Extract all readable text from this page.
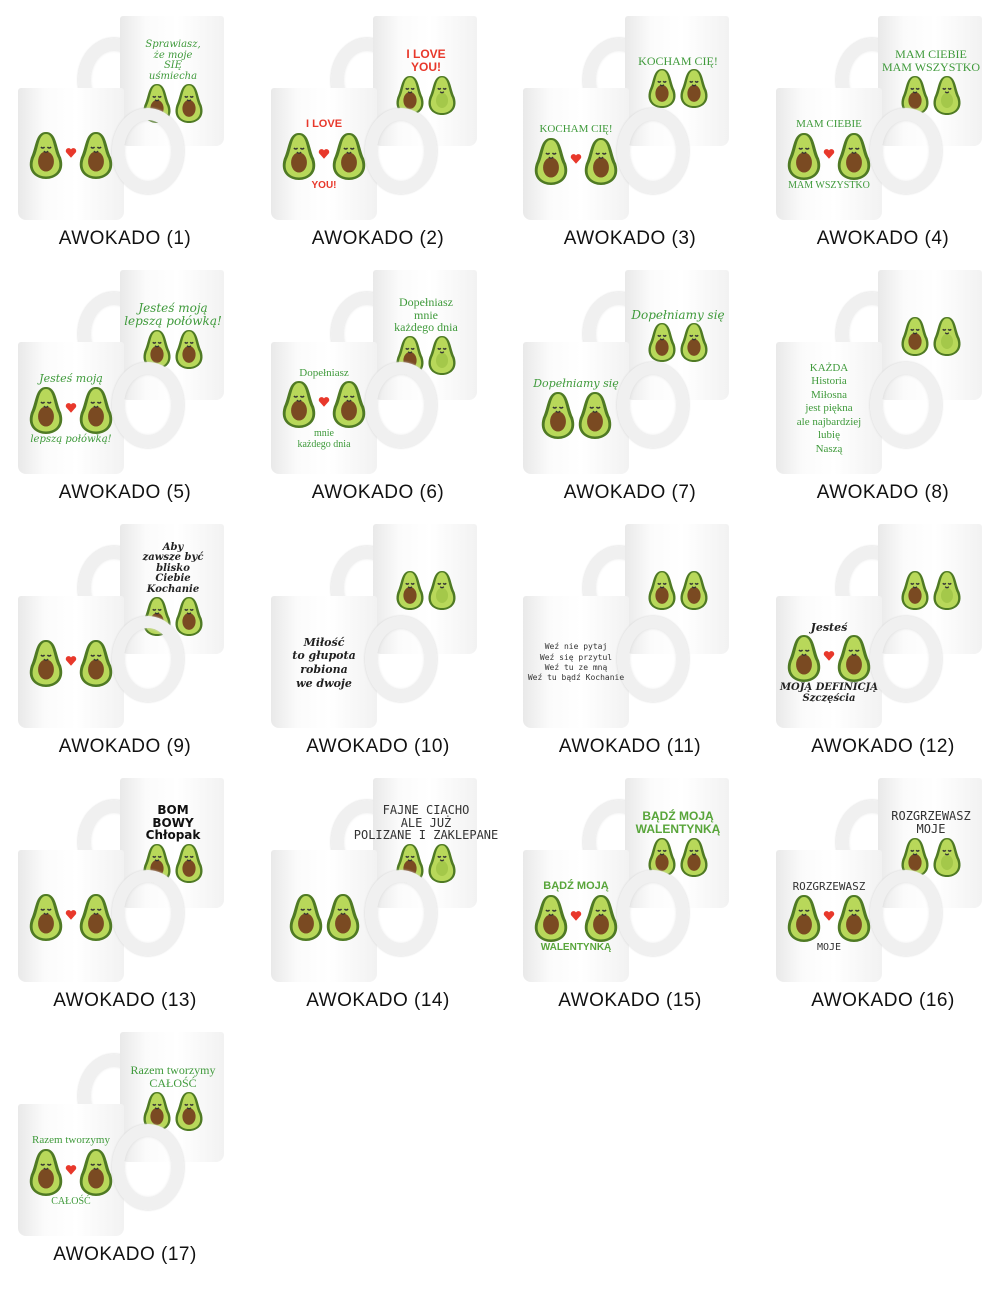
Sprawiasz,
że moje
SIĘ
uśmiecha
AWOKADO (1)
I LOVE
YOU!
I LOVE
YOU!
AWOKADO (2)
KOCHAM CIĘ!
KOCHAM CIĘ!
AWOKADO (3)
MAM CIEBIE
MAM WSZYSTKO
MAM CIEBIE
MAM WSZYSTKO
AWOKADO (4)
Jesteś moją
lepszą połówką!
Jesteś moją
lepszą połówką!
AWOKADO (5)
Dopełniasz
mnie
każdego dnia
Dopełniasz
mnie
każdego dnia
AWOKADO (6)
Dopełniamy się
Dopełniamy się
AWOKADO (7)
KAŻDA
Historia
Miłosna
jest piękna
ale najbardziej
lubię
Naszą
AWOKADO (8)
Aby
zawsze być
blisko
Ciebie
Kochanie
AWOKADO (9)
Miłość
to głupota
robiona
we dwoje
AWOKADO (10)
Weź nie pytaj
Weź się przytul
Weź tu ze mną
Weź tu bądź Kochanie
AWOKADO (11)
Jesteś
MOJĄ DEFINICJĄ
Szczęścia
AWOKADO (12)
BOM
BOWY
Chłopak
AWOKADO (13)
FAJNE CIACHO
ALE JUŻ
POLIZANE I ZAKLEPANE
AWOKADO (14)
BĄDŹ MOJĄ
WALENTYNKĄ
BĄDŹ MOJĄ
WALENTYNKĄ
AWOKADO (15)
ROZGRZEWASZ
MOJE
ROZGRZEWASZ
MOJE
AWOKADO (16)
Razem tworzymy
CAŁOŚĆ
Razem tworzymy
CAŁOŚĆ
AWOKADO (17)
